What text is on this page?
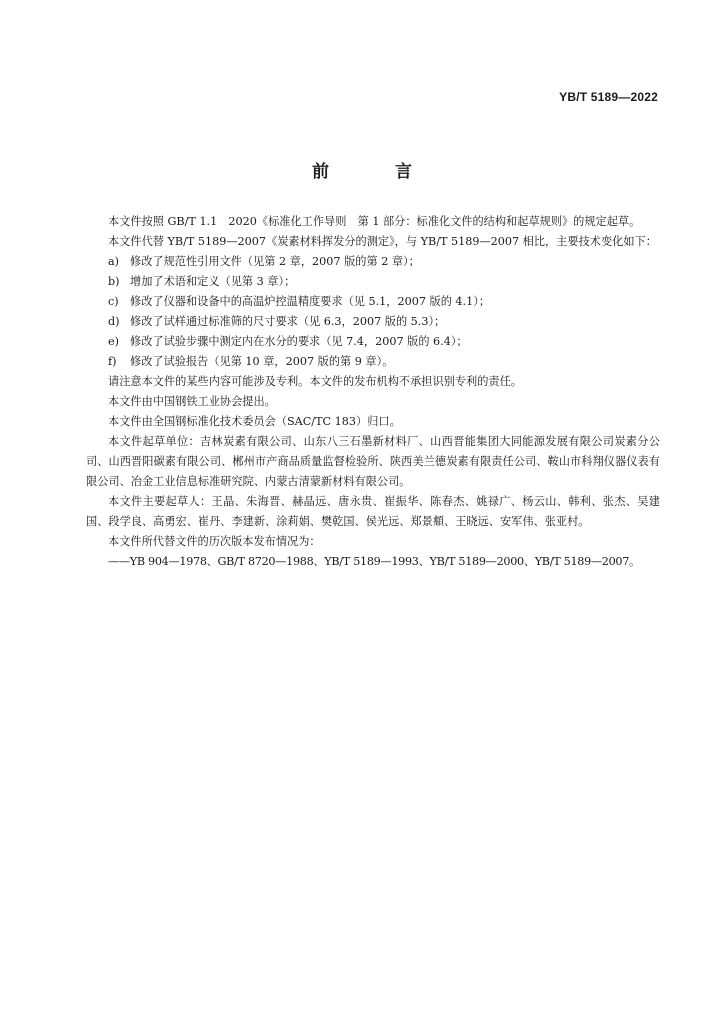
YB/T 5189—2022
前 言

本文件按照 GB/T 1.1　2020《标准化工作导则　第 1 部分：标准化文件的结构和起草规则》的规定起草。

本文件代替 YB/T 5189—2007《炭素材料挥发分的测定》，与 YB/T 5189—2007 相比，主要技术变化如下：

a) 修改了规范性引用文件（见第 2 章，2007 版的第 2 章）；
b) 增加了术语和定义（见第 3 章）；
c)	修改了仪器和设备中的高温炉控温精度要求（见 5.1，2007 版的 4.1）；
d) 修改了试样通过标准筛的尺寸要求（见 6.3，2007 版的 5.3）；
e) 修改了试验步骤中测定内在水分的要求（见 7.4，2007 版的 6.4）；
f)	修改了试验报告（见第 10 章，2007 版的第 9 章）。

请注意本文件的某些内容可能涉及专利。本文件的发布机构不承担识别专利的责任。

本文件由中国钢铁工业协会提出。

本文件由全国钢标准化技术委员会（SAC/TC 183）归口。

本文件起草单位：吉林炭素有限公司、山东八三石墨新材料厂、山西晋能集团大同能源发展有限公司炭素分公司、山西晋阳碳素有限公司、郴州市产商品质量监督检验所、陕西美兰德炭素有限责任公司、鞍山市科翔仪器仪表有限公司、冶金工业信息标准研究院、内蒙古清蒙新材料有限公司。

本文件主要起草人：王晶、朱海晋、赫晶远、唐永贵、崔振华、陈春杰、姚禄广、杨云山、韩利、张杰、吴建国、段学良、高勇宏、崔丹、李建新、涂莉娟、樊乾国、侯光远、郑景頫、王晓远、安军伟、张亚村。

本文件所代替文件的历次版本发布情况为：

——YB 904—1978、GB/T 8720—1988、YB/T 5189—1993、YB/T 5189—2000、YB/T 5189—2007。
